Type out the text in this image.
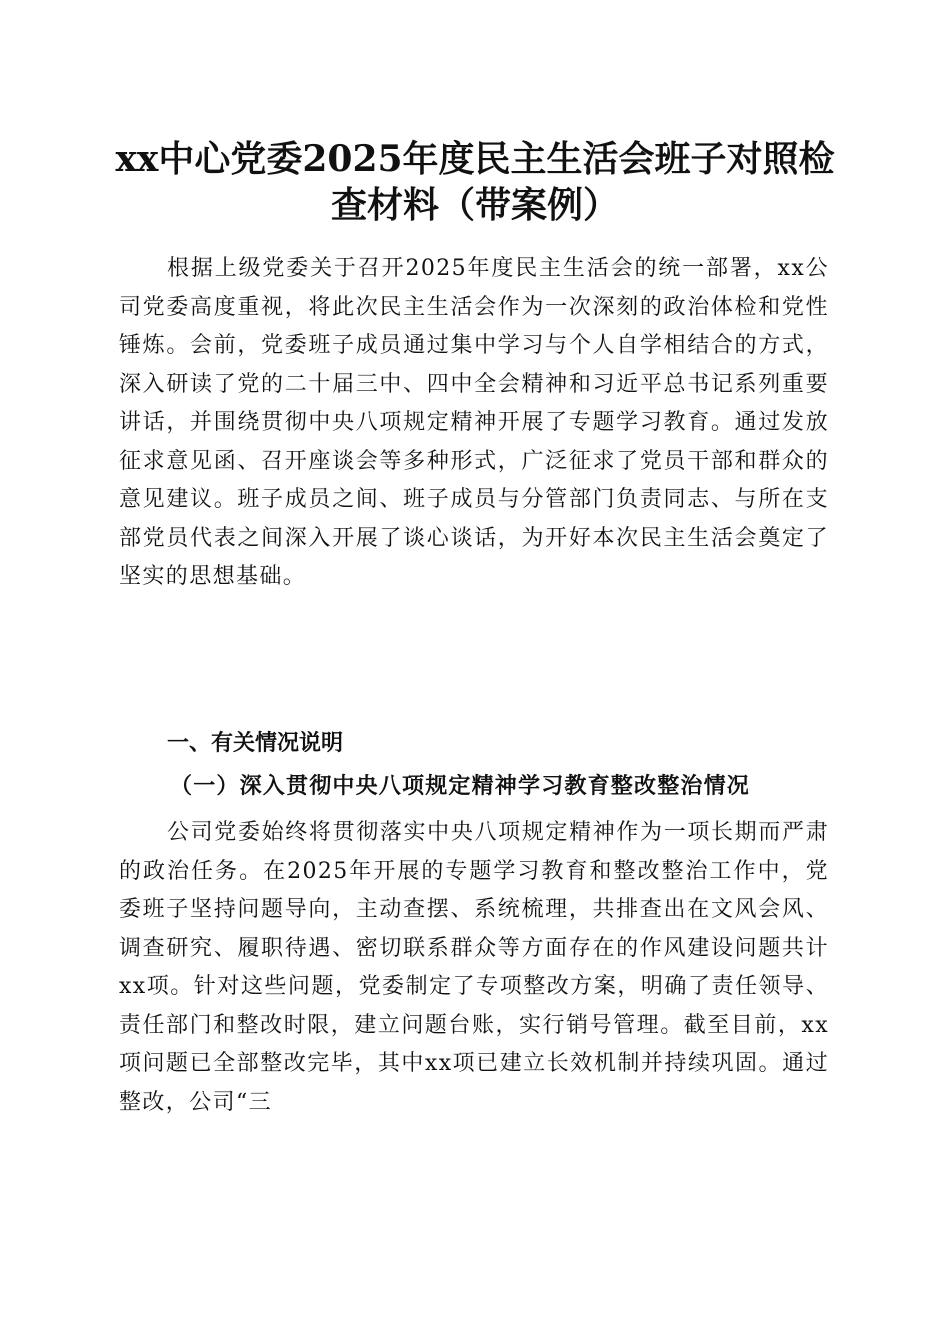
xx中心党委2025年度民主生活会班子对照检查材料（带案例）

根据上级党委关于召开2025年度民主生活会的统一部署，xx公司党委高度重视，将此次民主生活会作为一次深刻的政治体检和党性锤炼。会前，党委班子成员通过集中学习与个人自学相结合的方式，深入研读了党的二十届三中、四中全会精神和习近平总书记系列重要讲话，并围绕贯彻中央八项规定精神开展了专题学习教育。通过发放征求意见函、召开座谈会等多种形式，广泛征求了党员干部和群众的意见建议。班子成员之间、班子成员与分管部门负责同志、与所在支部党员代表之间深入开展了谈心谈话，为开好本次民主生活会奠定了坚实的思想基础。

一、有关情况说明
（一）深入贯彻中央八项规定精神学习教育整改整治情况

公司党委始终将贯彻落实中央八项规定精神作为一项长期而严肃的政治任务。在2025年开展的专题学习教育和整改整治工作中，党委班子坚持问题导向，主动查摆、系统梳理，共排查出在文风会风、调查研究、履职待遇、密切联系群众等方面存在的作风建设问题共计xx项。针对这些问题，党委制定了专项整改方案，明确了责任领导、责任部门和整改时限，建立问题台账，实行销号管理。截至目前，xx项问题已全部整改完毕，其中xx项已建立长效机制并持续巩固。通过整改，公司“三
